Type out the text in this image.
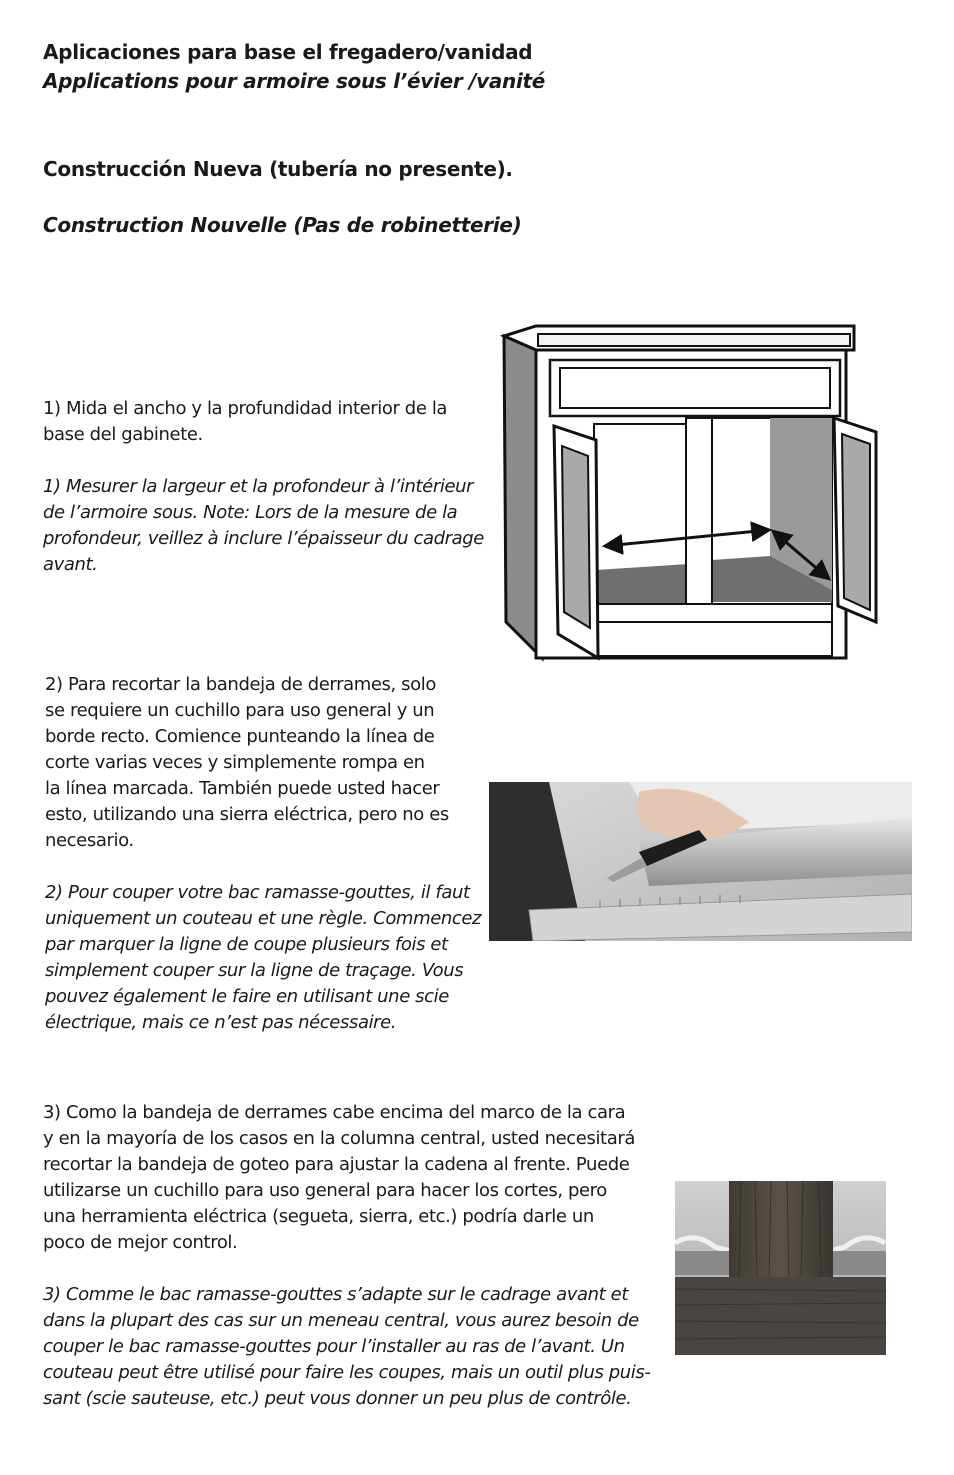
Aplicaciones para base el fregadero/vanidad
Applications pour armoire sous l’évier /vanité
Construcción Nueva (tubería no presente).
Construction Nouvelle (Pas de robinetterie)
1) Mida el ancho y la profundidad interior de la
base del gabinete.
1) Mesurer la largeur et la profondeur à l’intérieur
de l’armoire sous. Note: Lors de la mesure de la
profondeur, veillez à inclure l’épaisseur du cadrage
avant.
2) Para recortar la bandeja de derrames, solo
se requiere un cuchillo para uso general y un
borde recto. Comience punteando la línea de
corte varias veces y simplemente rompa en
la línea marcada. También puede usted hacer
esto, utilizando una sierra eléctrica, pero no es
necesario.
2) Pour couper votre bac ramasse-gouttes, il faut
uniquement un couteau et une règle. Commencez
par marquer la ligne de coupe plusieurs fois et
simplement couper sur la ligne de traçage. Vous
pouvez également le faire en utilisant une scie
électrique, mais ce n’est pas nécessaire.
3) Como la bandeja de derrames cabe encima del marco de la cara
y en la mayoría de los casos en la columna central, usted necesitará
recortar la bandeja de goteo para ajustar la cadena al frente. Puede
utilizarse un cuchillo para uso general para hacer los cortes, pero
una herramienta eléctrica (segueta, sierra, etc.) podría darle un
poco de mejor control.
3) Comme le bac ramasse-gouttes s’adapte sur le cadrage avant et
dans la plupart des cas sur un meneau central, vous aurez besoin de
couper le bac ramasse-gouttes pour l’installer au ras de l’avant. Un
couteau peut être utilisé pour faire les coupes, mais un outil plus puis-
sant (scie sauteuse, etc.) peut vous donner un peu plus de contrôle.
